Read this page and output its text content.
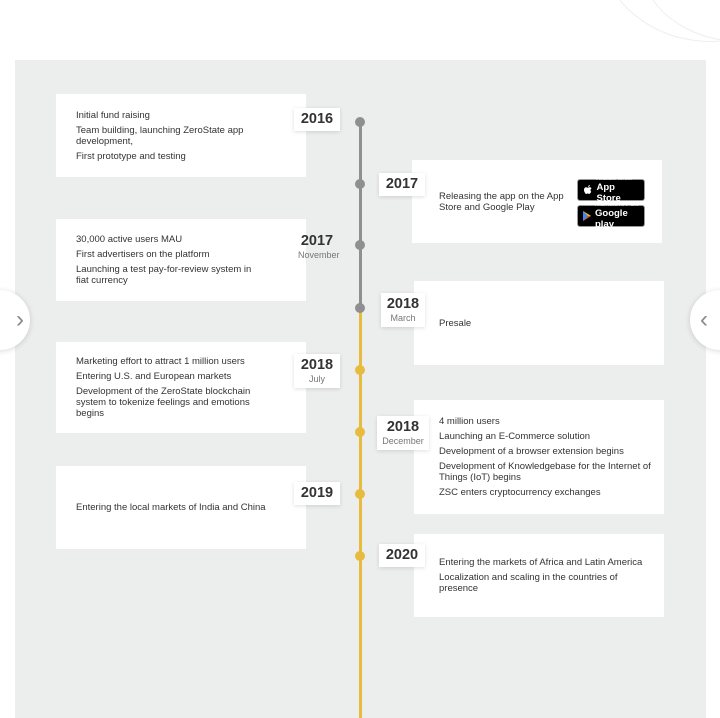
Initial fund raising

Team building, launching ZeroState app development,

First prototype and testing

2016

Releasing the app on the App Store and Google Play

2017	Available on the
App Store
ANDROID APP ON
Google play

30,000 active users MAU

First advertisers on the platform

Launching a test pay-for-review system in fiat currency

2017
November

Presale

2018
March

Marketing effort to attract 1 million users

Entering U.S. and European markets

Development of the ZeroState blockchain system to tokenize feelings and emotions begins

2018
July

4 million users

Launching an E-Commerce solution

Development of a browser extension begins

Development of Knowledgebase for the Internet of Things (IoT) begins

ZSC enters cryptocurrency exchanges

2018
December

Entering the local markets of India and China

2019

Entering the markets of Africa and Latin America

Localization and scaling in the countries of presence

2020
›	‹
